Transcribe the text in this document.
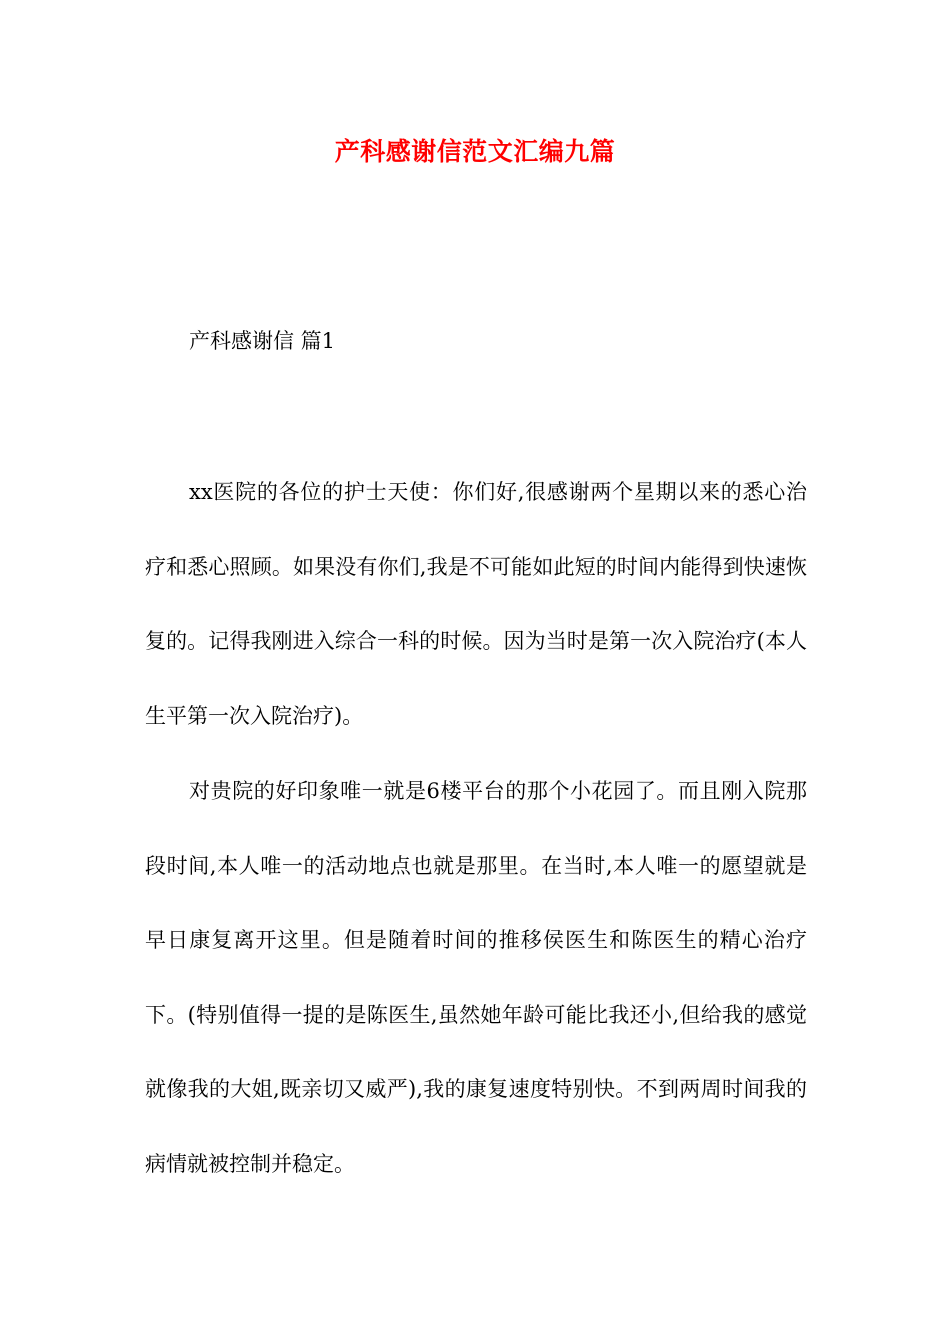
产科感谢信范文汇编九篇
产科感谢信 篇1

xx医院的各位的护士天使：你们好,很感谢两个星期以来的悉心治疗和悉心照顾。如果没有你们,我是不可能如此短的时间内能得到快速恢复的。记得我刚进入综合一科的时候。因为当时是第一次入院治疗(本人生平第一次入院治疗)。

对贵院的好印象唯一就是6楼平台的那个小花园了。而且刚入院那段时间,本人唯一的活动地点也就是那里。在当时,本人唯一的愿望就是早日康复离开这里。但是随着时间的推移侯医生和陈医生的精心治疗下。(特别值得一提的是陈医生,虽然她年龄可能比我还小,但给我的感觉就像我的大姐,既亲切又威严),我的康复速度特别快。不到两周时间我的病情就被控制并稳定。
